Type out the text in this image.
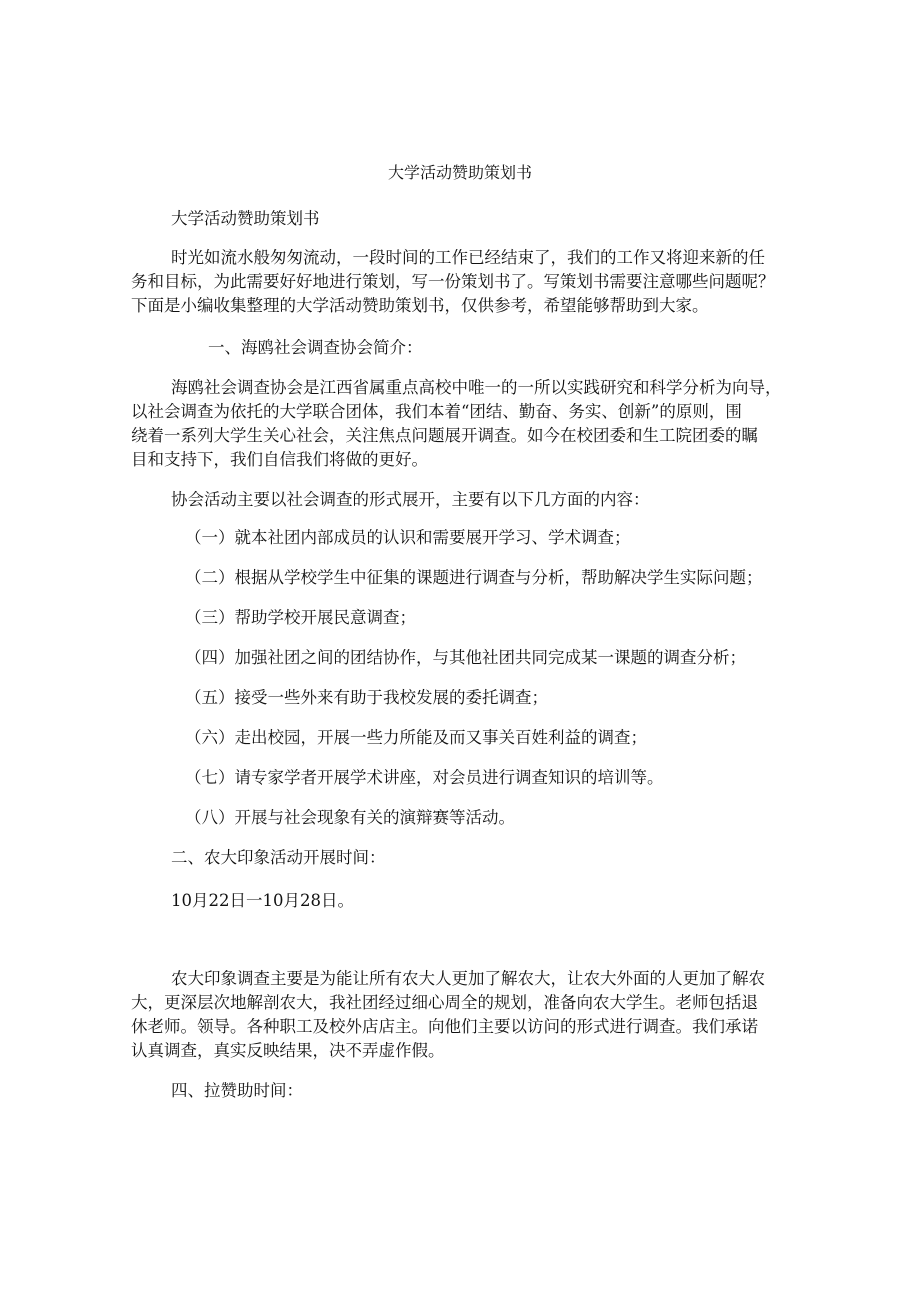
大学活动赞助策划书
大学活动赞助策划书
时光如流水般匆匆流动，一段时间的工作已经结束了，我们的工作又将迎来新的任
务和目标，为此需要好好地进行策划，写一份策划书了。写策划书需要注意哪些问题呢？
下面是小编收集整理的大学活动赞助策划书，仅供参考，希望能够帮助到大家。
一、海鸥社会调查协会简介：
海鸥社会调查协会是江西省属重点高校中唯一的一所以实践研究和科学分析为向导，
以社会调查为依托的大学联合团体，我们本着“团结、勤奋、务实、创新”的原则，围
绕着一系列大学生关心社会，关注焦点问题展开调查。如今在校团委和生工院团委的瞩
目和支持下，我们自信我们将做的更好。
协会活动主要以社会调查的形式展开，主要有以下几方面的内容：
（一）就本社团内部成员的认识和需要展开学习、学术调查；
（二）根据从学校学生中征集的课题进行调查与分析，帮助解决学生实际问题；
（三）帮助学校开展民意调查；
（四）加强社团之间的团结协作，与其他社团共同完成某一课题的调查分析；
（五）接受一些外来有助于我校发展的委托调查；
（六）走出校园，开展一些力所能及而又事关百姓利益的调查；
（七）请专家学者开展学术讲座，对会员进行调查知识的培训等。
（八）开展与社会现象有关的演辩赛等活动。
二、农大印象活动开展时间：
10月22日一10月28日。
农大印象调查主要是为能让所有农大人更加了解农大，让农大外面的人更加了解农
大，更深层次地解剖农大，我社团经过细心周全的规划，准备向农大学生。老师包括退
休老师。领导。各种职工及校外店店主。向他们主要以访问的形式进行调查。我们承诺
认真调查，真实反映结果，决不弄虚作假。
四、拉赞助时间：
